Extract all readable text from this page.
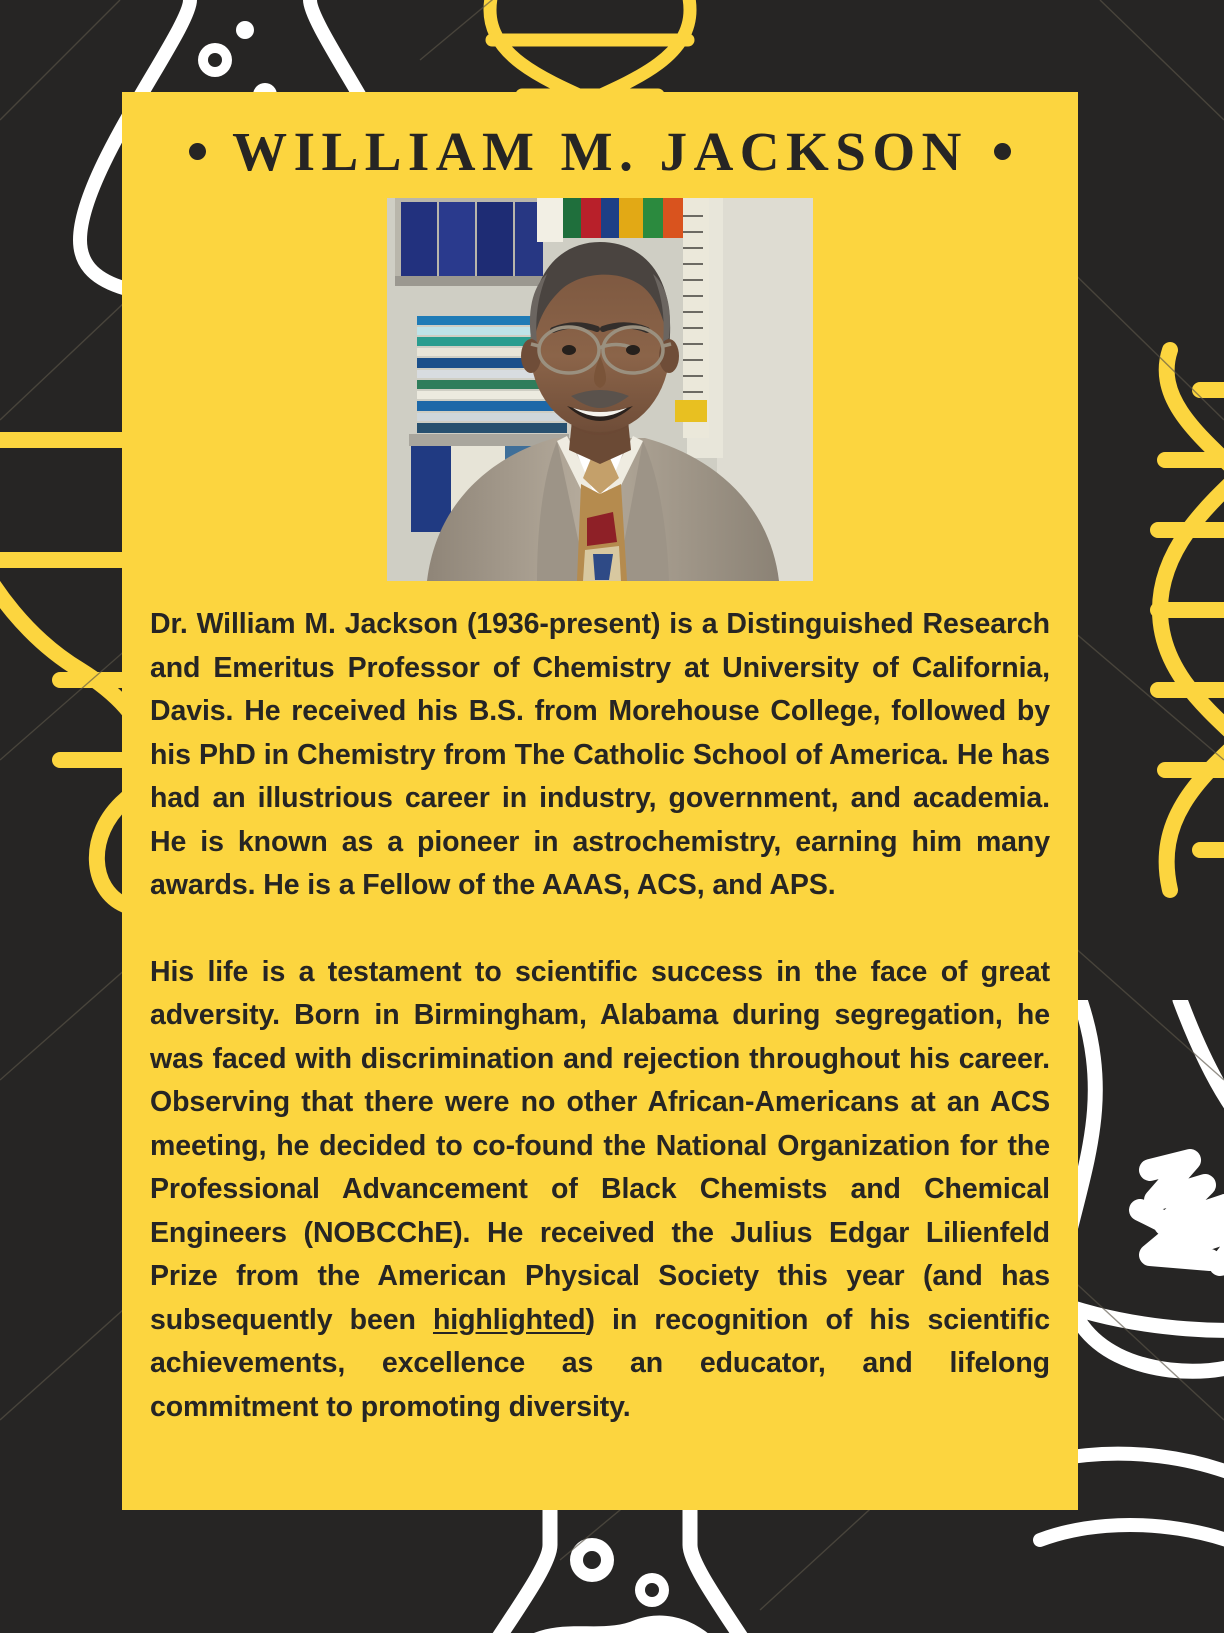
WILLIAM M. JACKSON

Dr. William M. Jackson (1936-present) is a Distinguished Research and Emeritus Professor of Chemistry at University of California, Davis. He received his B.S. from Morehouse College, followed by his PhD in Chemistry from The Catholic School of America. He has had an illustrious career in industry, government, and academia. He is known as a pioneer in astrochemistry, earning him many awards. He is a Fellow of the AAAS, ACS, and APS.

His life is a testament to scientific success in the face of great adversity. Born in Birmingham, Alabama during segregation, he was faced with discrimination and rejection throughout his career. Observing that there were no other African-Americans at an ACS meeting, he decided to co-found the National Organization for the Professional Advancement of Black Chemists and Chemical Engineers (NOBCChE). He received the Julius Edgar Lilienfeld Prize from the American Physical Society this year (and has subsequently been highlighted) in recognition of his scientific achievements, excellence as an educator, and lifelong commitment to promoting diversity.
